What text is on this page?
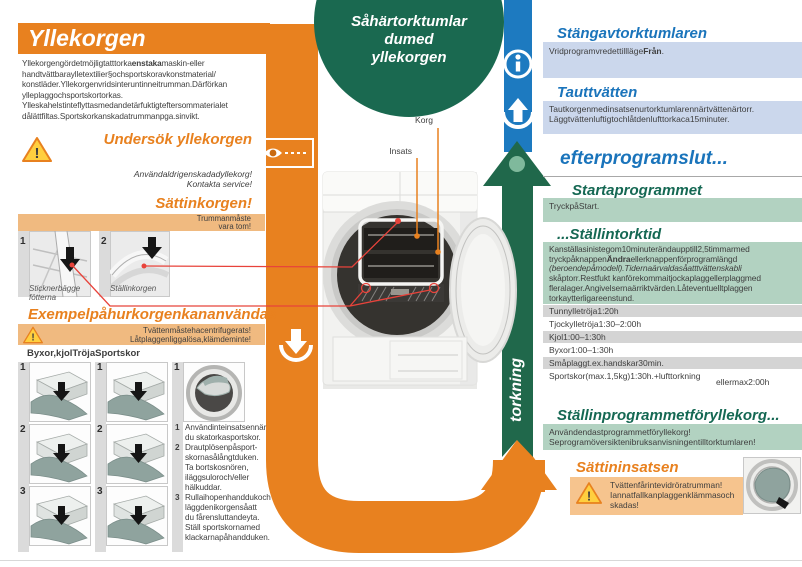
Yllekorgen
Yllekorgengördetmöjligtatttorkaenstakamaskin-eller
handtvättbaraylletextilier§ochsportskoravkonstmaterial/
konstläder.Yllekorgenvridsinteruntinneitrumman.Därförkan
ylleplaggochsportskortorkas.
Ylleskahelstinteflyttasmedandetärfuktigteftersommaterialet
dålättfiltas.Sportskorkanskadatrummanpga.sinvikt.
!
Undersök yllekorgen
Användaldrigenskadadyllekorg!
Kontakta service!
Sättinkorgen!
Trummanmåste
vara tom!
1	2
Sticknerbägge
fötterna
Ställinkorgen
Exempelpåhurkorgenkananvändas
Tvättenmåstehacentrifugerats!
Låtplaggenliggalösa,klämdeminte!
!
Byxor,kjolTröjaSportskor
1
2
3
1
2
3
1
1 Användinteinsatsennär
du skatorkasportskor.
2 Drautplösenpåsport-
skornasålångtduken.
Ta bortskosnören,
iläggsuloroch/eller
hälkuddar.
3 Rullaihopenhanddukoch
läggdenikorgensåatt
du fårensluttandeyta.
Ställ sportskornamed
klackarnapåhandduken.
Såhärtorktumlar
dumed
yllekorgen
Korg
Insats
torkning
Stängavtorktumlaren
VridprogramvredettilllägeFrån.
Tauttvätten
Tautkorgenmedinsatsenurtorktumlarennärtvättenärtorr.
Läggtvättenluftigtochlåtdenlufttorkaca15minuter.
efterprogramslut...
Startaprogrammet
TryckpåStart.
...Ställintorktid
Kanställasinistegom10minuterändaupptill2,5timmarmed
tryckpåknappenÄndraellerknappenförprogramlängd
(beroendepåmodell).Tidernaärvaldasåatttvättenskabli
skåptorr.Restfukt kanförekommaitjockaplaggellerplaggmed
fleralager.Angivelsernaärriktvärden.Låteventuelltplaggen
torkaytterligareenstund.
Tunnylletröja1:20h
Tjockylletröja1:30–2:00h
Kjol1:00–1:30h
Byxor1:00–1:30h
Småplaggt.ex.handskar30min.
Sportskor(max.1,5kg)1:30h.+lufttorkning
ellermax2:00h
Ställinprogrammetföryllekorg...
Användendastprogrammetföryllekorg!
Seprogramöversiktenibruksanvisningentilltorktumlaren!
Sättininsatsen
Tvättenfårintevidröratrumman!
Iannatfallkanplaggenklämmasoch
skadas!
!
